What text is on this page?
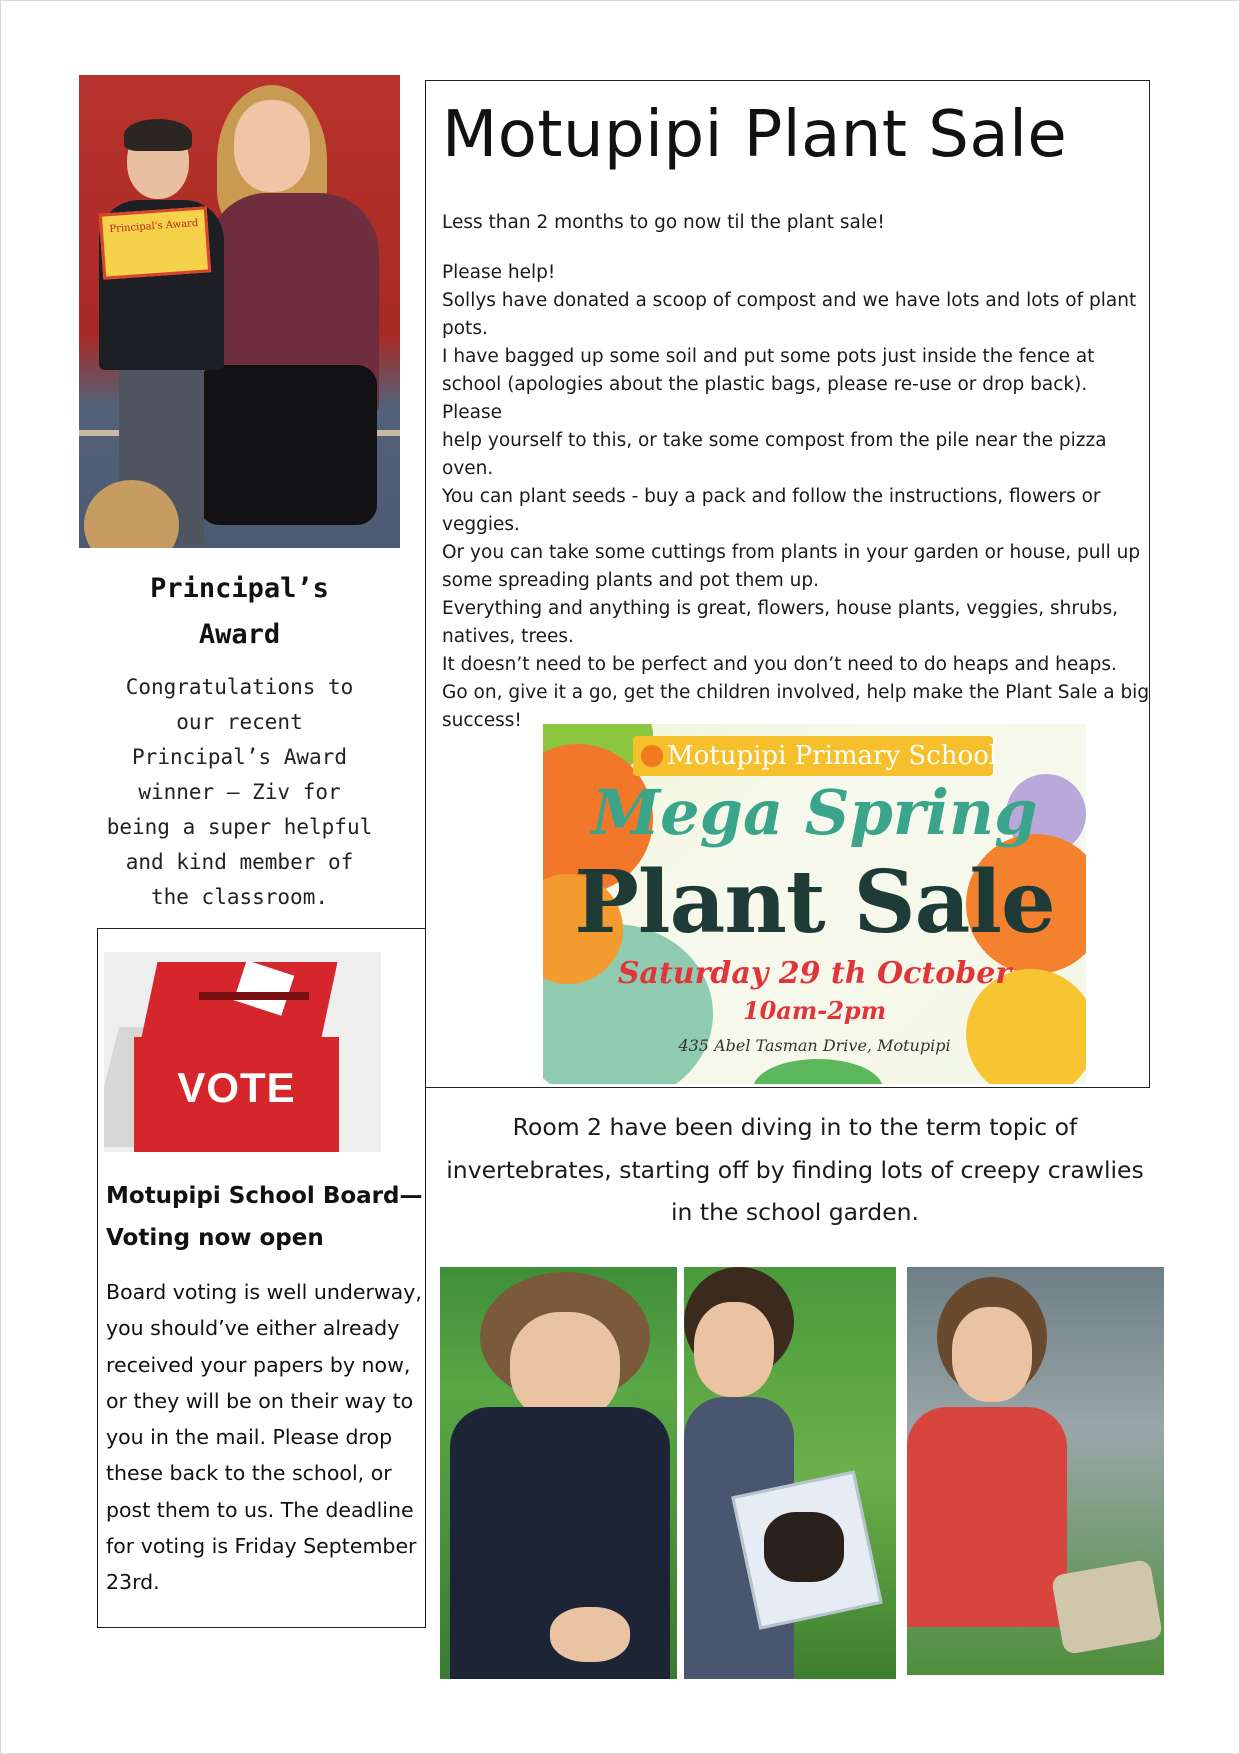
Principal's Award
Principal’s
Award
Congratulations to
our recent
Principal’s Award
winner – Ziv for
being a super helpful
and kind member of
the classroom.
Motupipi Plant Sale
Less than 2 months to go now til the plant sale!
Please help!
Sollys have donated a scoop of compost and we have lots and lots of plant
pots.
I have bagged up some soil and put some pots just inside the fence at
school (apologies about the plastic bags, please re-use or drop back). Please
help yourself to this, or take some compost from the pile near the pizza
oven.
You can plant seeds - buy a pack and follow the instructions, flowers or
veggies.
Or you can take some cuttings from plants in your garden or house, pull up
some spreading plants and pot them up.
Everything and anything is great, flowers, house plants, veggies, shrubs,
natives, trees.
It doesn’t need to be perfect and you don’t need to do heaps and heaps.
Go on, give it a go, get the children involved, help make the Plant Sale a big
success!
Motupipi Primary School
Mega Spring
Plant Sale
Saturday 29 th October
10am-2pm
435 Abel Tasman Drive, Motupipi
VOTE
Motupipi School Board—
Voting now open
Board voting is well underway,
you should’ve either already
received your papers by now,
or they will be on their way to
you in the mail. Please drop
these back to the school, or
post them to us. The deadline
for voting is Friday September
23rd.
Room 2 have been diving in to the term topic of
invertebrates, starting off by finding lots of creepy crawlies
in the school garden.
